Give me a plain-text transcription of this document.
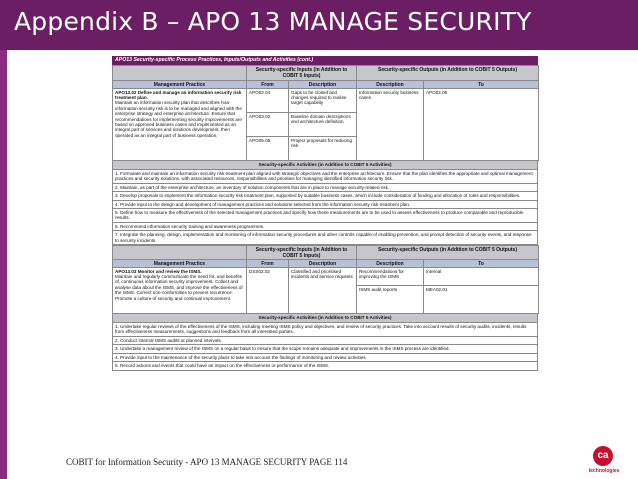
Appendix B – APO 13 MANAGE SECURITY
APO13 Security-specific Process Practices, Inputs/Outputs and Activities (cont.)
	Security-specific Inputs (in Addition to COBIT 5 Inputs)		Security-specific Outputs (in Addition to COBIT 5 Outputs)	
Management Practice	From	Description	Description	To

APO13.02 Define and manage an information security risk treatment plan.
Maintain an information security plan that describes how information security risk is to be managed and aligned with the enterprise strategy and enterprise architecture. Ensure that recommendations for implementing security improvements are based on approved business cases and implemented as an integral part of services and solutions development, then operated as an integral part of business operation.	APO02.04	Gaps to be closed and changes required to realise target capability	Information security business cases	APO02.05
	APO03.02	Baseline domain descriptions and architecture definition		
	APO05.05	Project proposals for reducing risk		
Security-specific Activities (in Addition to COBIT 5 Activities)
1. Formulate and maintain an information security risk treatment plan aligned with strategic objectives and the enterprise architecture. Ensure that the plan identifies the appropriate and optimal management practices and security solutions, with associated resources, responsibilities and priorities for managing identified information security risk.
2. Maintain, as part of the enterprise architecture, an inventory of solution components that are in place to manage security-related risk.
3. Develop proposals to implement the information security risk treatment plan, supported by suitable business cases, which include consideration of funding and allocation of roles and responsibilities.
4. Provide input to the design and development of management practices and solutions selected from the information security risk treatment plan.
5. Define how to measure the effectiveness of the selected management practices and specify how these measurements are to be used to assess effectiveness to produce comparable and reproducible results.
6. Recommend information security training and awareness programmes.
7. Integrate the planning, design, implementation and monitoring of information security procedures and other controls capable of enabling prevention, and prompt detection of security events, and response to security incidents.
	Security-specific Inputs (in Addition to COBIT 5 Inputs)		Security-specific Outputs (in Addition to COBIT 5 Outputs)	
Management Practice	From	Description	Description	To

APO13.03 Monitor and review the ISMS.
Maintain and regularly communicate the need for, and benefits of, continuous information security improvement. Collect and analyse data about the ISMS, and improve the effectiveness of the ISMS. Correct non-conformities to prevent recurrence. Promote a culture of security and continual improvement.	DSS02.02	Classified and prioritised incidents and service requests	Recommendations for improving the ISMS	Internal
			ISMS audit reports	MEA02.01
Security-specific Activities (in Addition to COBIT 5 Activities)
1. Undertake regular reviews of the effectiveness of the ISMS, including meeting ISMS policy and objectives, and review of security practices. Take into account results of security audits, incidents, results from effectiveness measurements, suggestions and feedback from all interested parties.
2. Conduct internal ISMS audits at planned intervals.
3. Undertake a management review of the ISMS on a regular basis to ensure that the scope remains adequate and improvements in the ISMS process are identified.
4. Provide input to the maintenance of the security plans to take into account the findings of monitoring and review activities.
5. Record actions and events that could have an impact on the effectiveness or performance of the ISMS.
COBIT for Information Security - APO 13 MANAGE SECURITY PAGE 114
ca
technologies
